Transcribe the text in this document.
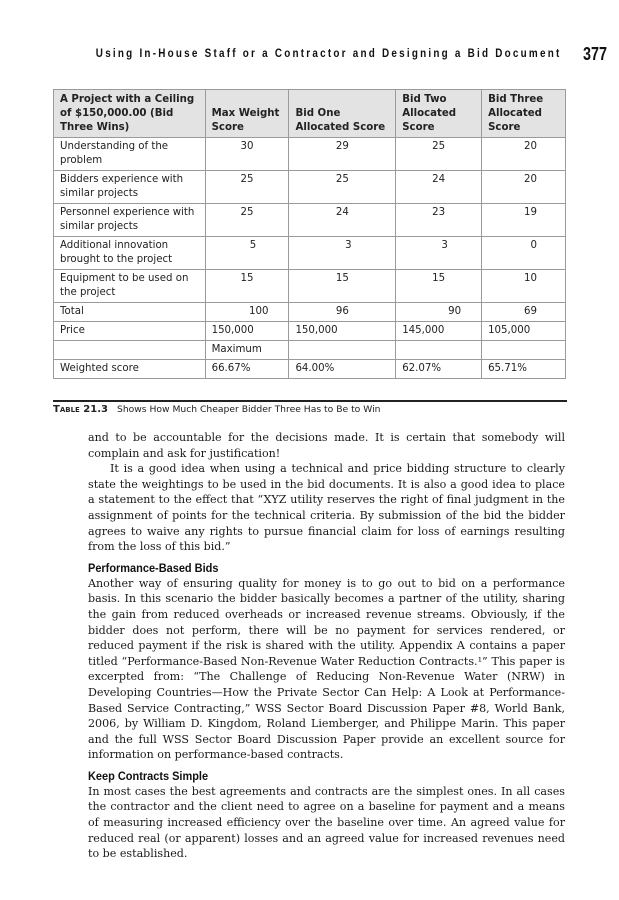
Using In-House Staff or a Contractor and Designing a Bid Document 377
A Project with a Ceiling of $150,000.00 (Bid Three Wins)	Max Weight Score	Bid One Allocated Score	Bid Two Allocated Score	Bid Three Allocated Score
Understanding of the problem	30	29	25	20
Bidders experience with similar projects	25	25	24	20
Personnel experience with similar projects	25	24	23	19
Additional innovation brought to the project	5	3	3	0
Equipment to be used on the project	15	15	15	10
Total	100	96	90	69
Price	150,000	150,000	145,000	105,000
	Maximum			
Weighted score	66.67%	64.00%	62.07%	65.71%
Table 21.3 Shows How Much Cheaper Bidder Three Has to Be to Win

and to be accountable for the decisions made. It is certain that somebody will complain and ask for justification!

It is a good idea when using a technical and price bidding structure to clearly state the weightings to be used in the bid documents. It is also a good idea to place a statement to the effect that “XYZ utility reserves the right of final judgment in the assignment of points for the technical criteria. By submission of the bid the bidder agrees to waive any rights to pursue financial claim for loss of earnings resulting from the loss of this bid.”

Performance-Based Bids

Another way of ensuring quality for money is to go out to bid on a performance basis. In this scenario the bidder basically becomes a partner of the utility, sharing the gain from reduced overheads or increased revenue streams. Obviously, if the bidder does not perform, there will be no payment for services rendered, or reduced payment if the risk is shared with the utility. Appendix A contains a paper titled “Performance-Based Non-Revenue Water Reduction Contracts.¹” This paper is excerpted from: “The Challenge of Reducing Non-Revenue Water (NRW) in Developing Countries—How the Private Sector Can Help: A Look at Performance-Based Service Contracting,” WSS Sector Board Discussion Paper #8, World Bank, 2006, by William D. Kingdom, Roland Liemberger, and Philippe Marin. This paper and the full WSS Sector Board Discussion Paper provide an excellent source for information on performance-based contracts.

Keep Contracts Simple

In most cases the best agreements and contracts are the simplest ones. In all cases the contractor and the client need to agree on a baseline for payment and a means of measuring increased efficiency over the baseline over time. An agreed value for reduced real (or apparent) losses and an agreed value for increased revenues need to be established.
